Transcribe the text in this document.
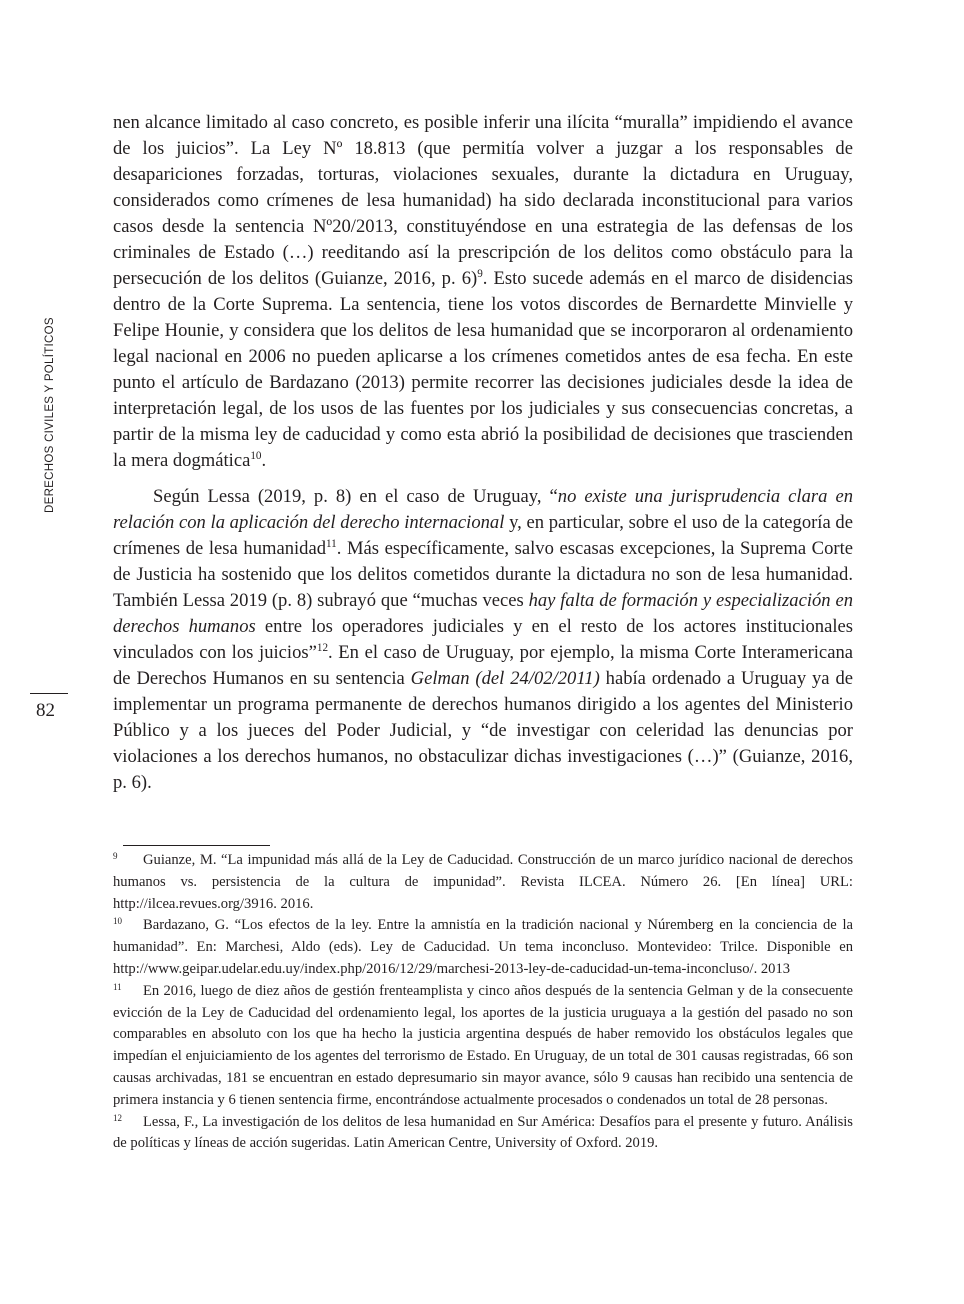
DERECHOS CIVILES Y POLÍTICOS
82

nen alcance limitado al caso concreto, es posible inferir una ilícita “muralla” impidiendo el avance de los juicios”. La Ley Nº 18.813 (que permitía volver a juzgar a los responsables de desapariciones forzadas, torturas, violaciones sexuales, durante la dictadura en Uruguay, considerados como crímenes de lesa humanidad) ha sido declarada inconstitucional para varios casos desde la sentencia Nº20/2013, constituyéndose en una estrategia de las defensas de los criminales de Estado (…) reeditando así la prescripción de los delitos como obstáculo para la persecución de los delitos (Guianze, 2016, p. 6)$^9$. Esto sucede además en el marco de disidencias dentro de la Corte Suprema. La sentencia, tiene los votos discordes de Bernardette Minvielle y Felipe Hounie, y considera que los delitos de lesa humanidad que se incorporaron al ordenamiento legal nacional en 2006 no pueden aplicarse a los crímenes cometidos antes de esa fecha. En este punto el artículo de Bardazano (2013) permite recorrer las decisiones judiciales desde la idea de interpretación legal, de los usos de las fuentes por los judiciales y sus consecuencias concretas, a partir de la misma ley de caducidad y como esta abrió la posibilidad de decisiones que trascienden la mera dogmática$^{10}$.

Según Lessa (2019, p. 8) en el caso de Uruguay, “no existe una jurisprudencia clara en relación con la aplicación del derecho internacional y, en particular, sobre el uso de la categoría de crímenes de lesa humanidad$^{11}$. Más específicamente, salvo escasas excepciones, la Suprema Corte de Justicia ha sostenido que los delitos cometidos durante la dictadura no son de lesa humanidad. También Lessa 2019 (p. 8) subrayó que “muchas veces hay falta de formación y especialización en derechos humanos entre los operadores judiciales y en el resto de los actores institucionales vinculados con los juicios”$^{12}$. En el caso de Uruguay, por ejemplo, la misma Corte Interamericana de Derechos Humanos en su sentencia Gelman (del 24/02/2011) había ordenado a Uruguay ya de implementar un programa permanente de derechos humanos dirigido a los agentes del Ministerio Público y a los jueces del Poder Judicial, y “de investigar con celeridad las denuncias por violaciones a los derechos humanos, no obstaculizar dichas investigaciones (…)” (Guianze, 2016, p. 6).

9 Guianze, M. “La impunidad más allá de la Ley de Caducidad. Construcción de un marco jurídico nacional de derechos humanos vs. persistencia de la cultura de impunidad”. Revista ILCEA. Número 26. [En línea] URL: http://ilcea.revues.org/3916. 2016.

10 Bardazano, G. “Los efectos de la ley. Entre la amnistía en la tradición nacional y Núremberg en la conciencia de la humanidad”. En: Marchesi, Aldo (eds). Ley de Caducidad. Un tema inconcluso. Montevideo: Trilce. Disponible en http://www.geipar.udelar.edu.uy/index.php/2016/12/29/marchesi-2013-ley-de-caducidad-un-tema-inconcluso/. 2013

11 En 2016, luego de diez años de gestión frenteamplista y cinco años después de la sentencia Gelman y de la consecuente evicción de la Ley de Caducidad del ordenamiento legal, los aportes de la justicia uruguaya a la gestión del pasado no son comparables en absoluto con los que ha hecho la justicia argentina después de haber removido los obstáculos legales que impedían el enjuiciamiento de los agentes del terrorismo de Estado. En Uruguay, de un total de 301 causas registradas, 66 son causas archivadas, 181 se encuentran en estado depresumario sin mayor avance, sólo 9 causas han recibido una sentencia de primera instancia y 6 tienen sentencia firme, encontrándose actualmente procesados o condenados un total de 28 personas.

12 Lessa, F., La investigación de los delitos de lesa humanidad en Sur América: Desafíos para el presente y futuro. Análisis de políticas y líneas de acción sugeridas. Latin American Centre, University of Oxford. 2019.
